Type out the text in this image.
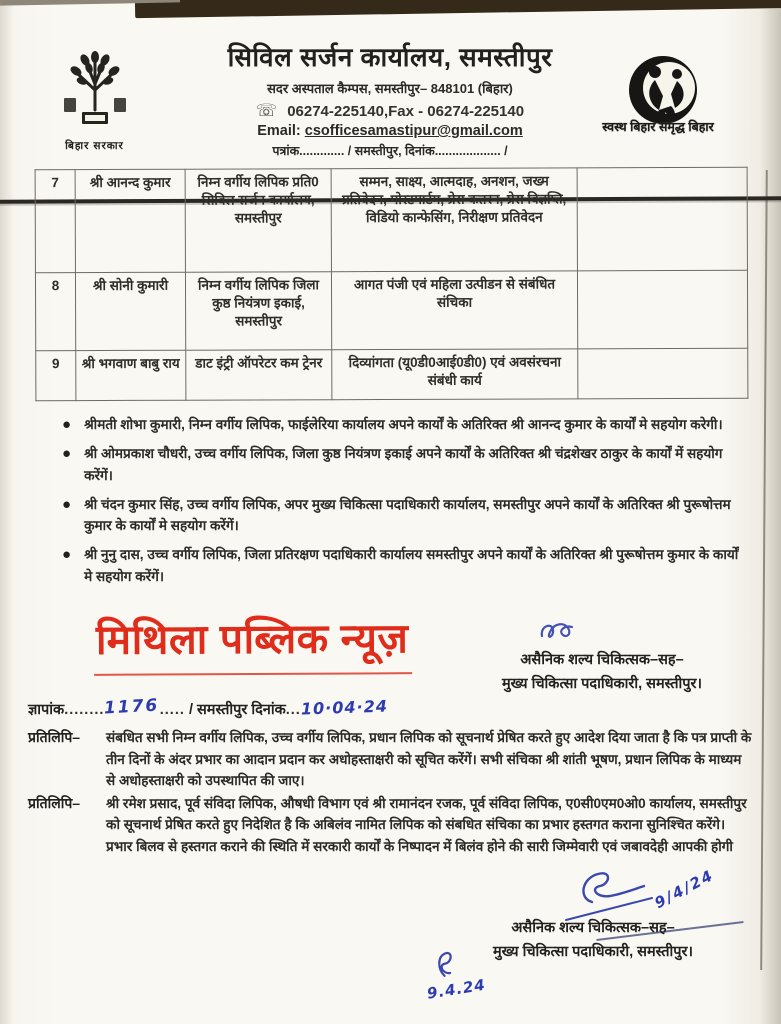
बिहार सरकार
सिविल सर्जन कार्यालय, समस्तीपुर
सदर अस्पताल कैम्पस, समस्तीपुर– 848101 (बिहार)
☏ 06274-225140,Fax - 06274-225140
Email: csofficesamastipur@gmail.com
पत्रांक............. / समस्तीपुर, दिनांक................... /
स्वस्थ बिहार समृद्ध बिहार
7	श्री आनन्द कुमार	निम्न वर्गीय लिपिक प्रति0 सिविल सर्जन कार्यालय, समस्तीपुर	सम्मन, साक्ष्य, आत्मदाह, अनशन, जख्म प्रतिवेदन, पोस्टमार्टम, प्रेस कतरन, प्रेस विज्ञप्ति, विडियो कान्फेसिंग, निरीक्षण प्रतिवेदन	
8	श्री सोनी कुमारी	निम्न वर्गीय लिपिक जिला कुष्ठ नियंत्रण इकाई, समस्तीपुर	आगत पंजी एवं महिला उत्पीडन से संबंधित संचिका	
9	श्री भगवाण बाबु राय	डाट इंट्री ऑपरेटर कम ट्रेनर	दिव्यांगता (यू0डी0आई0डी0) एवं अवसंरचना संबंधी कार्य	
● श्रीमती शोभा कुमारी, निम्न वर्गीय लिपिक, फाईलेरिया कार्यालय अपने कार्यों के अतिरिक्त श्री आनन्द कुमार के कार्यों मे सहयोग करेगी।
● श्री ओमप्रकाश चौधरी, उच्च वर्गीय लिपिक, जिला कुष्ठ नियंत्रण इकाई अपने कार्यों के अतिरिक्त श्री चंद्रशेखर ठाकुर के कार्यों में सहयोग करेंगें।
● श्री चंदन कुमार सिंह, उच्च वर्गीय लिपिक, अपर मुख्य चिकित्सा पदाधिकारी कार्यालय, समस्तीपुर अपने कार्यों के अतिरिक्त श्री पुरूषोत्तम कुमार के कार्यों मे सहयोग करेंगें।
● श्री नुनु दास, उच्च वर्गीय लिपिक, जिला प्रतिरक्षण पदाधिकारी कार्यालय समस्तीपुर अपने कार्यों के अतिरिक्त श्री पुरूषोत्तम कुमार के कार्यों मे सहयोग करेंगें।
मिथिला पब्लिक न्यूज़	असैनिक शल्य चिकित्सक–सह–
मुख्य चिकित्सा पदाधिकारी, समस्तीपुर।
ज्ञापांक........1176..... / समस्तीपुर दिनांक...10·04·24
प्रतिलिपि–	संबधित सभी निम्न वर्गीय लिपिक, उच्च वर्गीय लिपिक, प्रधान लिपिक को सूचनार्थ प्रेषित करते हुए आदेश दिया जाता है कि पत्र प्राप्ती के तीन दिनों के अंदर प्रभार का आदान प्रदान कर अधोहस्ताक्षरी को सूचित करेंगें। सभी संचिका श्री शांती भूषण, प्रधान लिपिक के माध्यम से अधोहस्ताक्षरी को उपस्थापित की जाए।
प्रतिलिपि–	श्री रमेश प्रसाद, पूर्व संविदा लिपिक, औषधी विभाग एवं श्री रामानंदन रजक, पूर्व संविदा लिपिक, ए0सी0एम0ओ0 कार्यालय, समस्तीपुर को सूचनार्थ प्रेषित करते हुए निदेशित है कि अबिलंव नामित लिपिक को संबधित संचिका का प्रभार हस्तगत कराना सुनिश्चित करेंगे। प्रभार बिलव से हस्तगत कराने की स्थिति में सरकारी कार्यों के निष्पादन में बिलंव होने की सारी जिम्मेवारी एवं जबावदेही आपकी होगी
9/4/24
असैनिक शल्य चिकित्सक–सह–
मुख्य चिकित्सा पदाधिकारी, समस्तीपुर।
9.4.24
